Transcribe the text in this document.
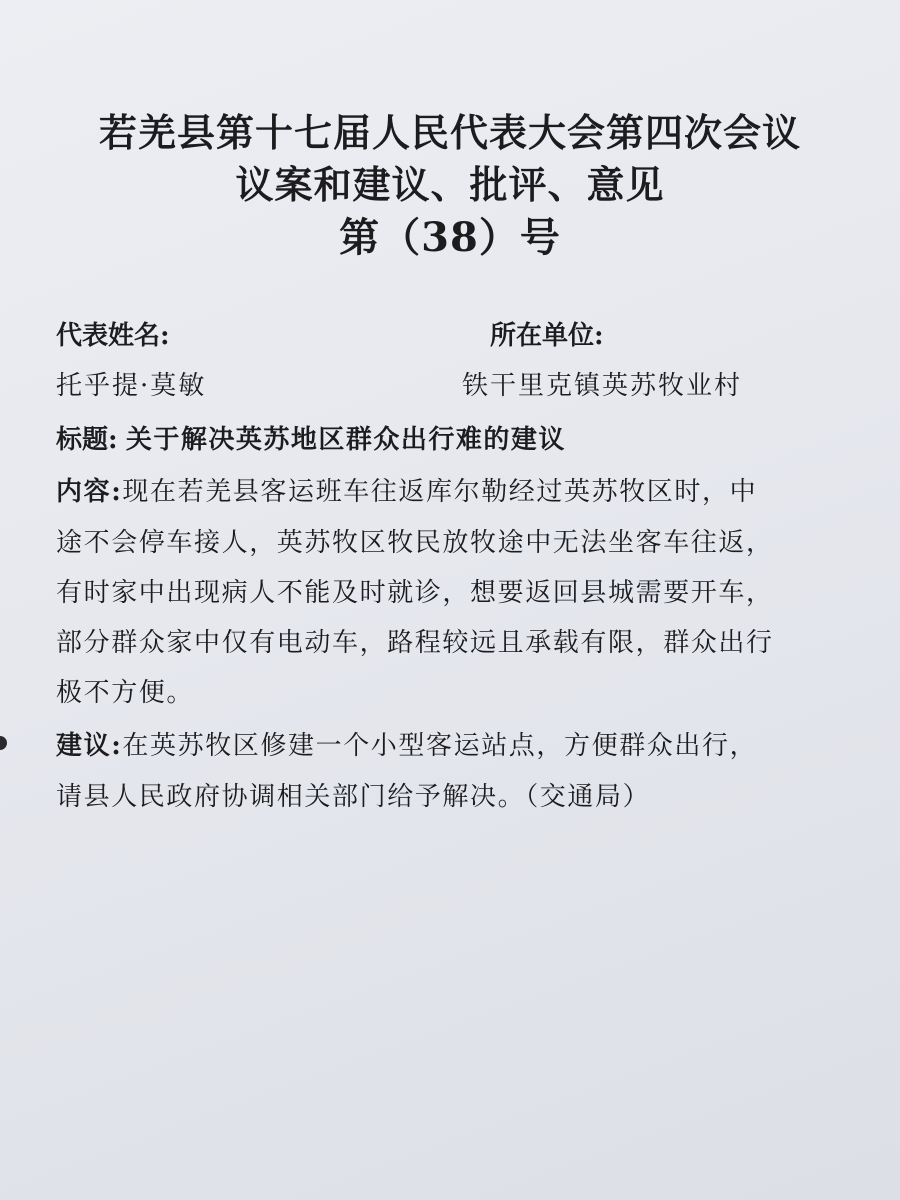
若羌县第十七届人民代表大会第四次会议
议案和建议、批评、意见
第（38）号
代表姓名:	所在单位:
托乎提·莫敏	铁干里克镇英苏牧业村
标题: 关于解决英苏地区群众出行难的建议
内容:现在若羌县客运班车往返库尔勒经过英苏牧区时，中
途不会停车接人，英苏牧区牧民放牧途中无法坐客车往返，
有时家中出现病人不能及时就诊，想要返回县城需要开车，
部分群众家中仅有电动车，路程较远且承载有限，群众出行
极不方便。
建议:在英苏牧区修建一个小型客运站点，方便群众出行，
请县人民政府协调相关部门给予解决。（交通局）
